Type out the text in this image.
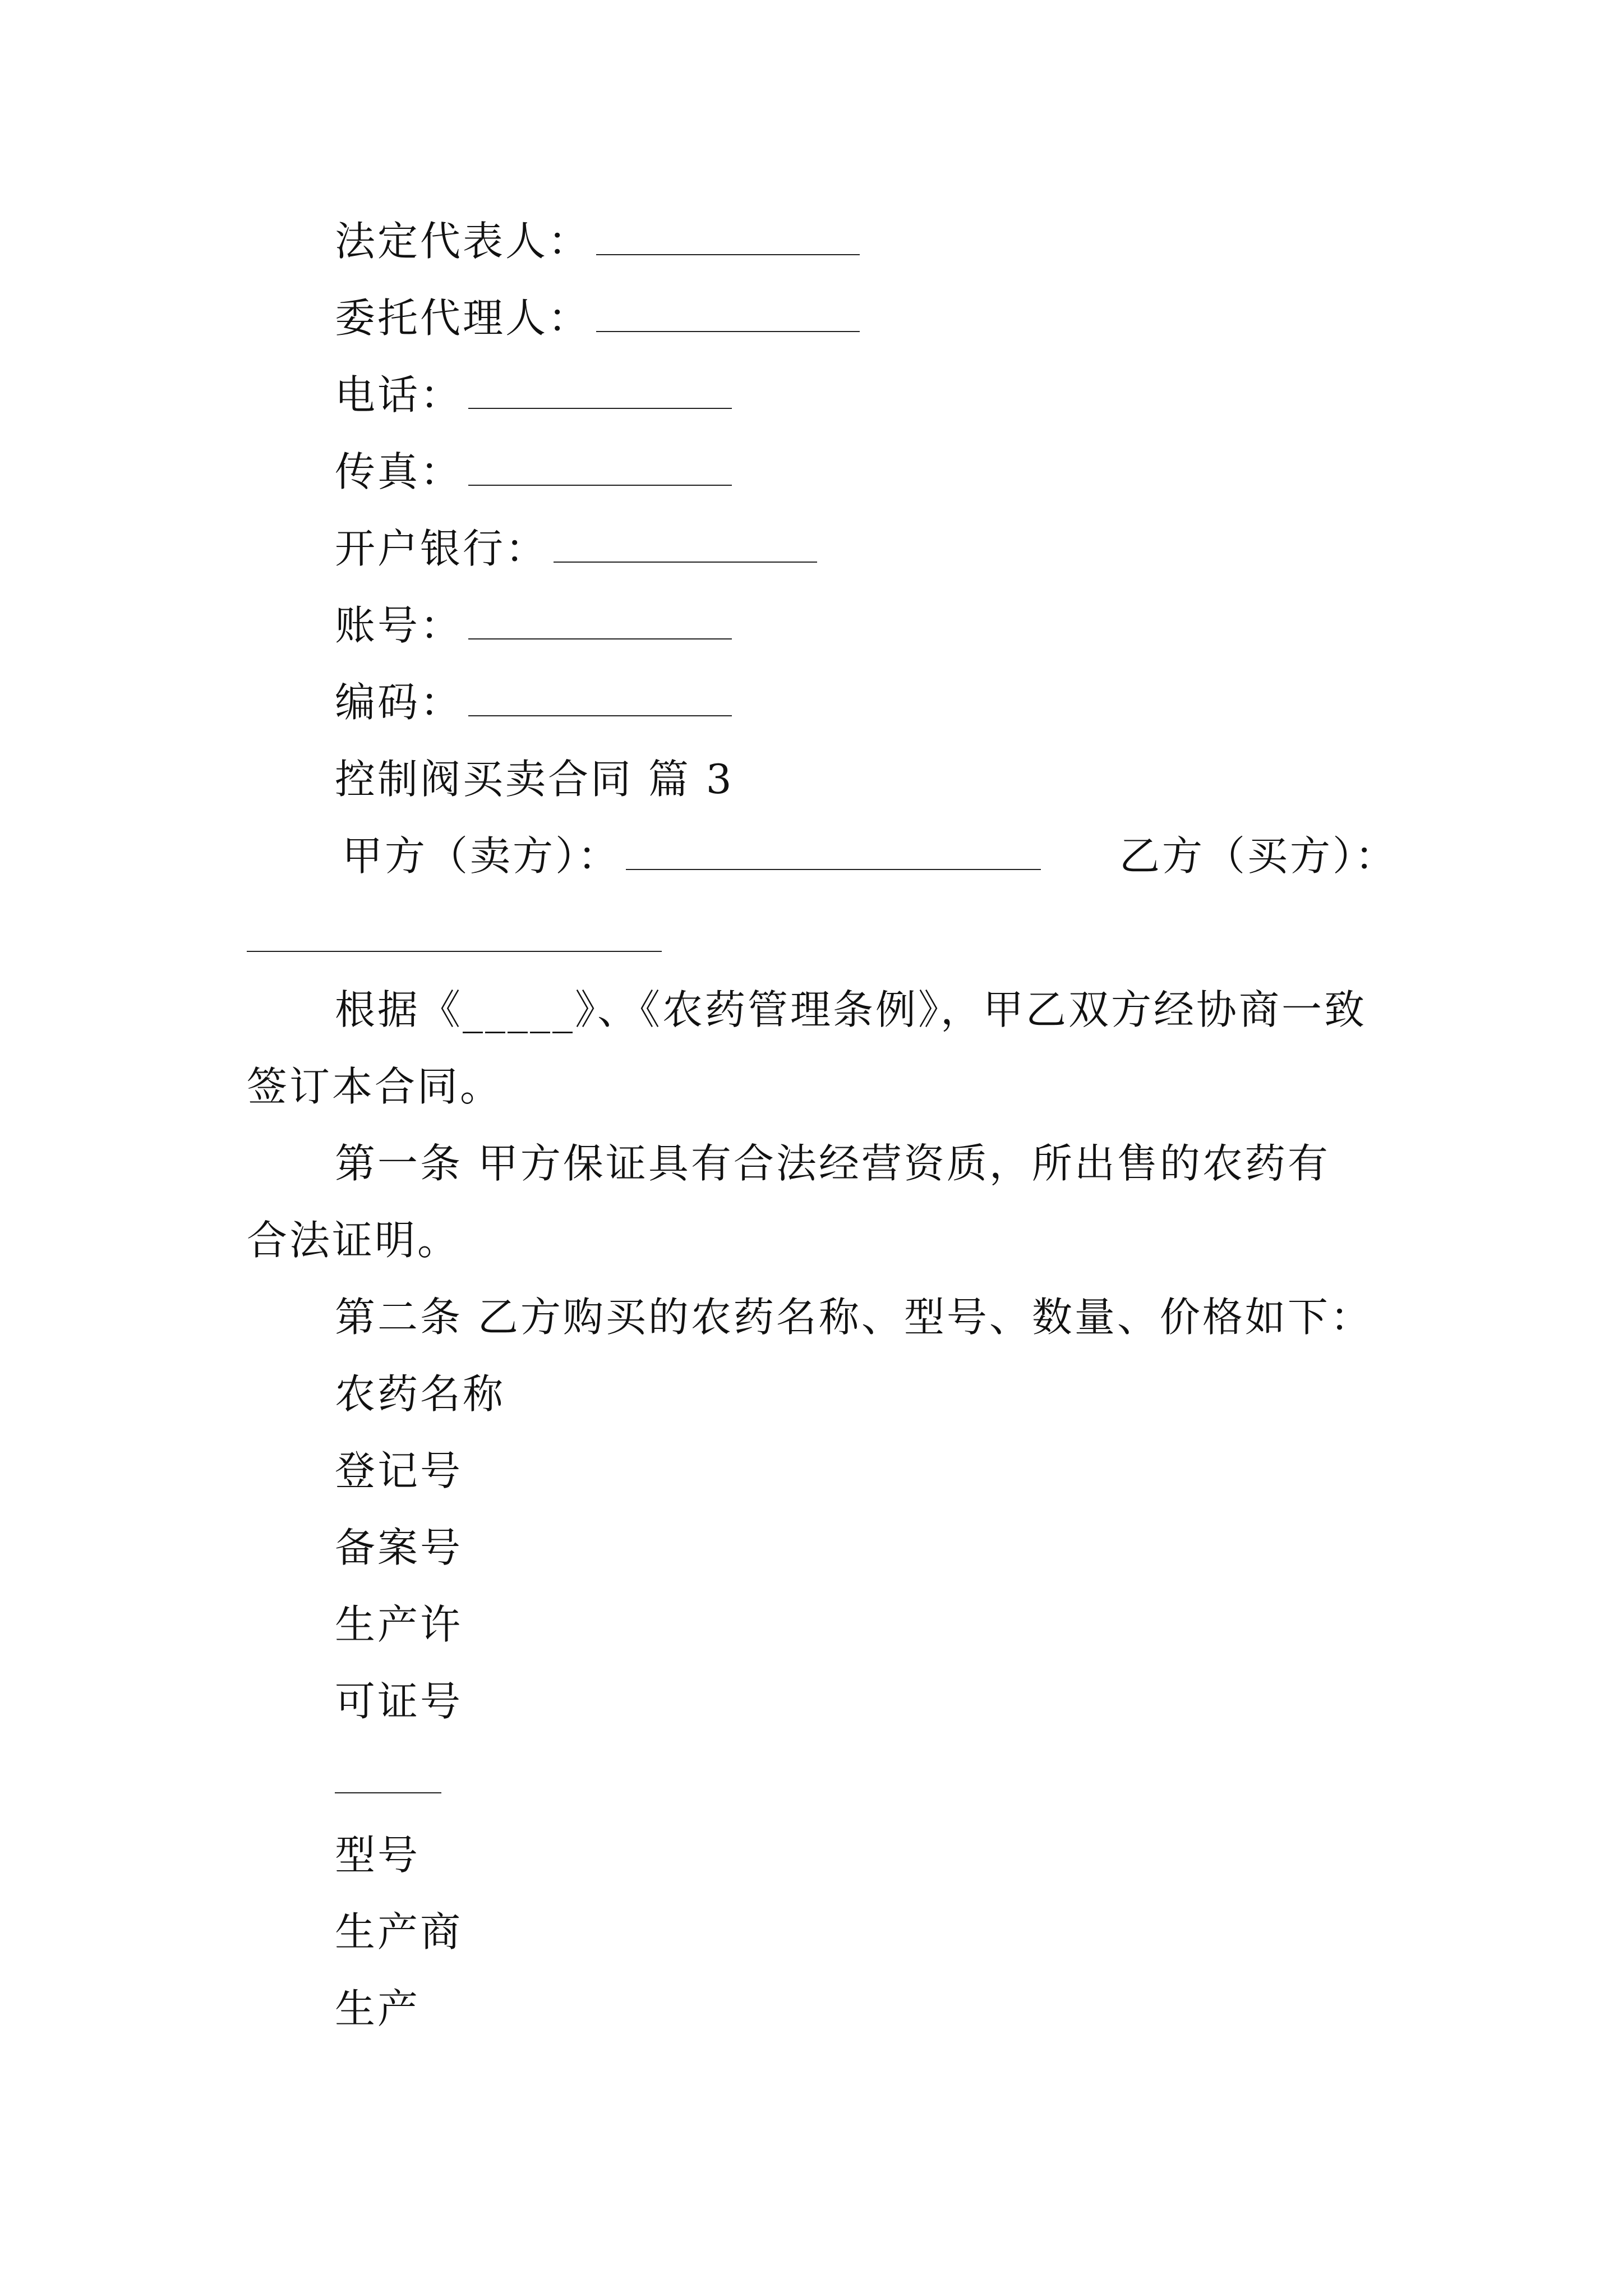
法定代表人：
委托代理人：
电话：
传真：
开户银行：
账号：
编码：
控制阀买卖合同 篇 3
甲方（卖方）：	乙方（买方）：
根据《_____》、《农药管理条例》，甲乙双方经协商一致
签订本合同。
第一条 甲方保证具有合法经营资质，所出售的农药有
合法证明。
第二条 乙方购买的农药名称、型号、数量、价格如下：
农药名称
登记号
备案号
生产许
可证号
型号
生产商
生产
